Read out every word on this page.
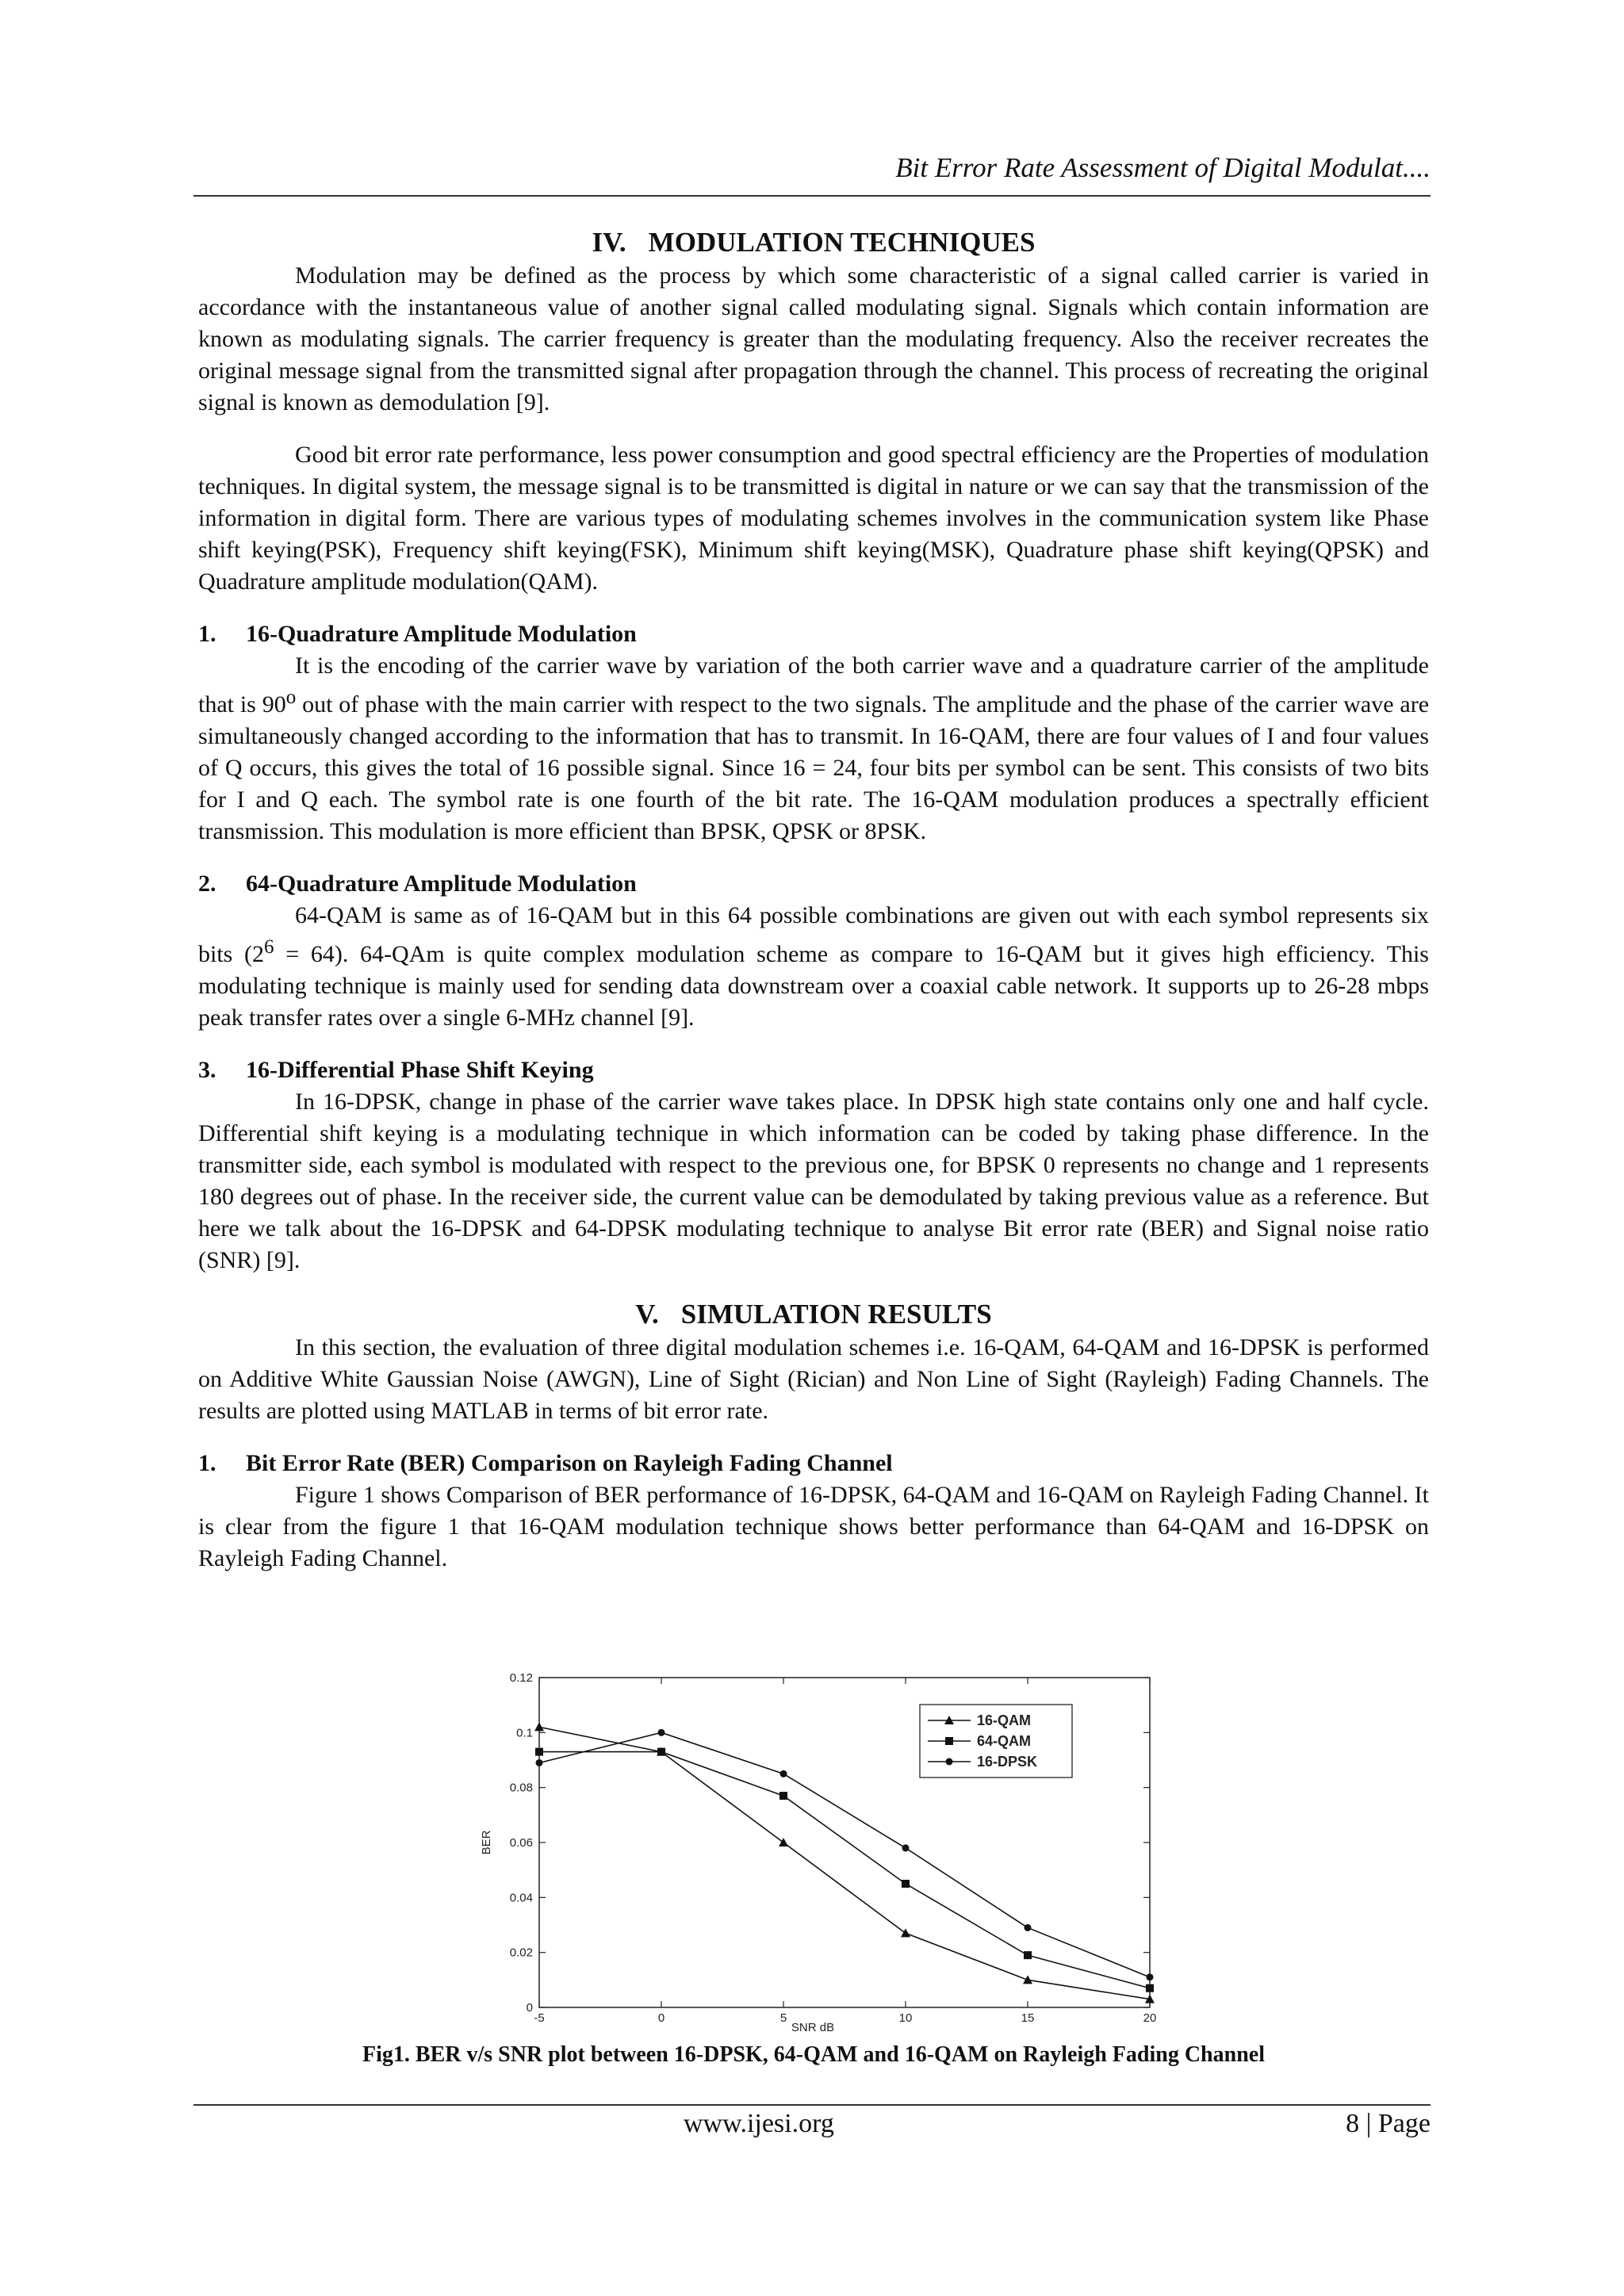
Bit Error Rate Assessment of Digital Modulat....
IV. MODULATION TECHNIQUES

Modulation may be defined as the process by which some characteristic of a signal called carrier is varied in accordance with the instantaneous value of another signal called modulating signal. Signals which contain information are known as modulating signals. The carrier frequency is greater than the modulating frequency. Also the receiver recreates the original message signal from the transmitted signal after propagation through the channel. This process of recreating the original signal is known as demodulation [9].

Good bit error rate performance, less power consumption and good spectral efficiency are the Properties of modulation techniques. In digital system, the message signal is to be transmitted is digital in nature or we can say that the transmission of the information in digital form. There are various types of modulating schemes involves in the communication system like Phase shift keying(PSK), Frequency shift keying(FSK), Minimum shift keying(MSK), Quadrature phase shift keying(QPSK) and Quadrature amplitude modulation(QAM).

1. 16-Quadrature Amplitude Modulation

It is the encoding of the carrier wave by variation of the both carrier wave and a quadrature carrier of the amplitude that is 90$^o$ out of phase with the main carrier with respect to the two signals. The amplitude and the phase of the carrier wave are simultaneously changed according to the information that has to transmit. In 16-QAM, there are four values of I and four values of Q occurs, this gives the total of 16 possible signal. Since 16 = 24, four bits per symbol can be sent. This consists of two bits for I and Q each. The symbol rate is one fourth of the bit rate. The 16-QAM modulation produces a spectrally efficient transmission. This modulation is more efficient than BPSK, QPSK or 8PSK.

2. 64-Quadrature Amplitude Modulation

64-QAM is same as of 16-QAM but in this 64 possible combinations are given out with each symbol represents six bits $(2^6 = 64)$. 64-QAm is quite complex modulation scheme as compare to 16-QAM but it gives high efficiency. This modulating technique is mainly used for sending data downstream over a coaxial cable network. It supports up to 26-28 mbps peak transfer rates over a single 6-MHz channel [9].

3. 16-Differential Phase Shift Keying

In 16-DPSK, change in phase of the carrier wave takes place. In DPSK high state contains only one and half cycle. Differential shift keying is a modulating technique in which information can be coded by taking phase difference. In the transmitter side, each symbol is modulated with respect to the previous one, for BPSK 0 represents no change and 1 represents 180 degrees out of phase. In the receiver side, the current value can be demodulated by taking previous value as a reference. But here we talk about the 16-DPSK and 64-DPSK modulating technique to analyse Bit error rate (BER) and Signal noise ratio (SNR) [9].

V. SIMULATION RESULTS

In this section, the evaluation of three digital modulation schemes i.e. 16-QAM, 64-QAM and 16-DPSK is performed on Additive White Gaussian Noise (AWGN), Line of Sight (Rician) and Non Line of Sight (Rayleigh) Fading Channels. The results are plotted using MATLAB in terms of bit error rate.

1. Bit Error Rate (BER) Comparison on Rayleigh Fading Channel

Figure 1 shows Comparison of BER performance of 16-DPSK, 64-QAM and 16-QAM on Rayleigh Fading Channel. It is clear from the figure 1 that 16-QAM modulation technique shows better performance than 64-QAM and 16-DPSK on Rayleigh Fading Channel.

0
0.02
0.04
0.06
0.08
0.1
0.12
-5	0	5	10	15	20
SNR dB
BER
16-QAM
64-QAM
16-DPSK
Fig1. BER v/s SNR plot between 16-DPSK, 64-QAM and 16-QAM on Rayleigh Fading Channel
www.ijesi.org	8 | Page
